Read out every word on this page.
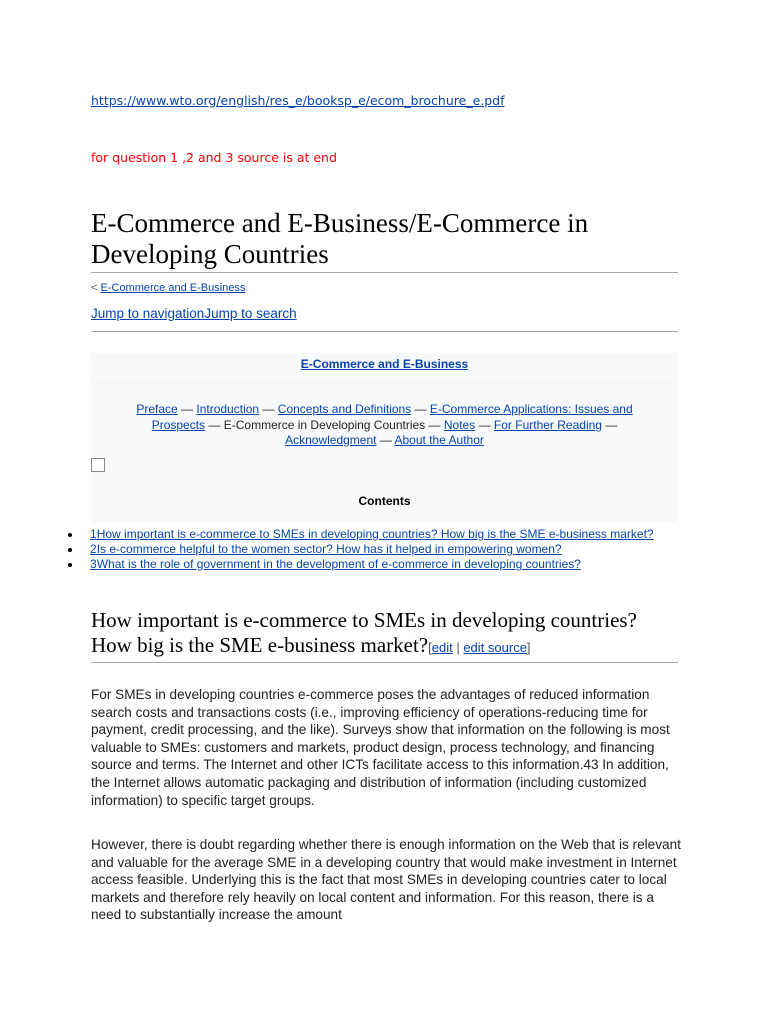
https://www.wto.org/english/res_e/booksp_e/ecom_brochure_e.pdf
for question 1 ,2 and 3 source is at end
E-Commerce and E-Business/E-Commerce in Developing Countries
< E-Commerce and E-Business
Jump to navigationJump to search
E-Commerce and E-Business
Preface — Introduction — Concepts and Definitions — E-Commerce Applications: Issues and Prospects — E-Commerce in Developing Countries — Notes — For Further Reading — Acknowledgment — About the Author
Contents
1How important is e-commerce to SMEs in developing countries? How big is the SME e-business market?
2Is e-commerce helpful to the women sector? How has it helped in empowering women?
3What is the role of government in the development of e-commerce in developing countries?
How important is e-commerce to SMEs in developing countries? How big is the SME e-business market?[edit | edit source]

For SMEs in developing countries e-commerce poses the advantages of reduced information search costs and transactions costs (i.e., improving efficiency of operations-reducing time for payment, credit processing, and the like). Surveys show that information on the following is most valuable to SMEs: customers and markets, product design, process technology, and financing source and terms. The Internet and other ICTs facilitate access to this information.43 In addition, the Internet allows automatic packaging and distribution of information (including customized information) to specific target groups.

However, there is doubt regarding whether there is enough information on the Web that is relevant and valuable for the average SME in a developing country that would make investment in Internet access feasible. Underlying this is the fact that most SMEs in developing countries cater to local markets and therefore rely heavily on local content and information. For this reason, there is a need to substantially increase the amount
